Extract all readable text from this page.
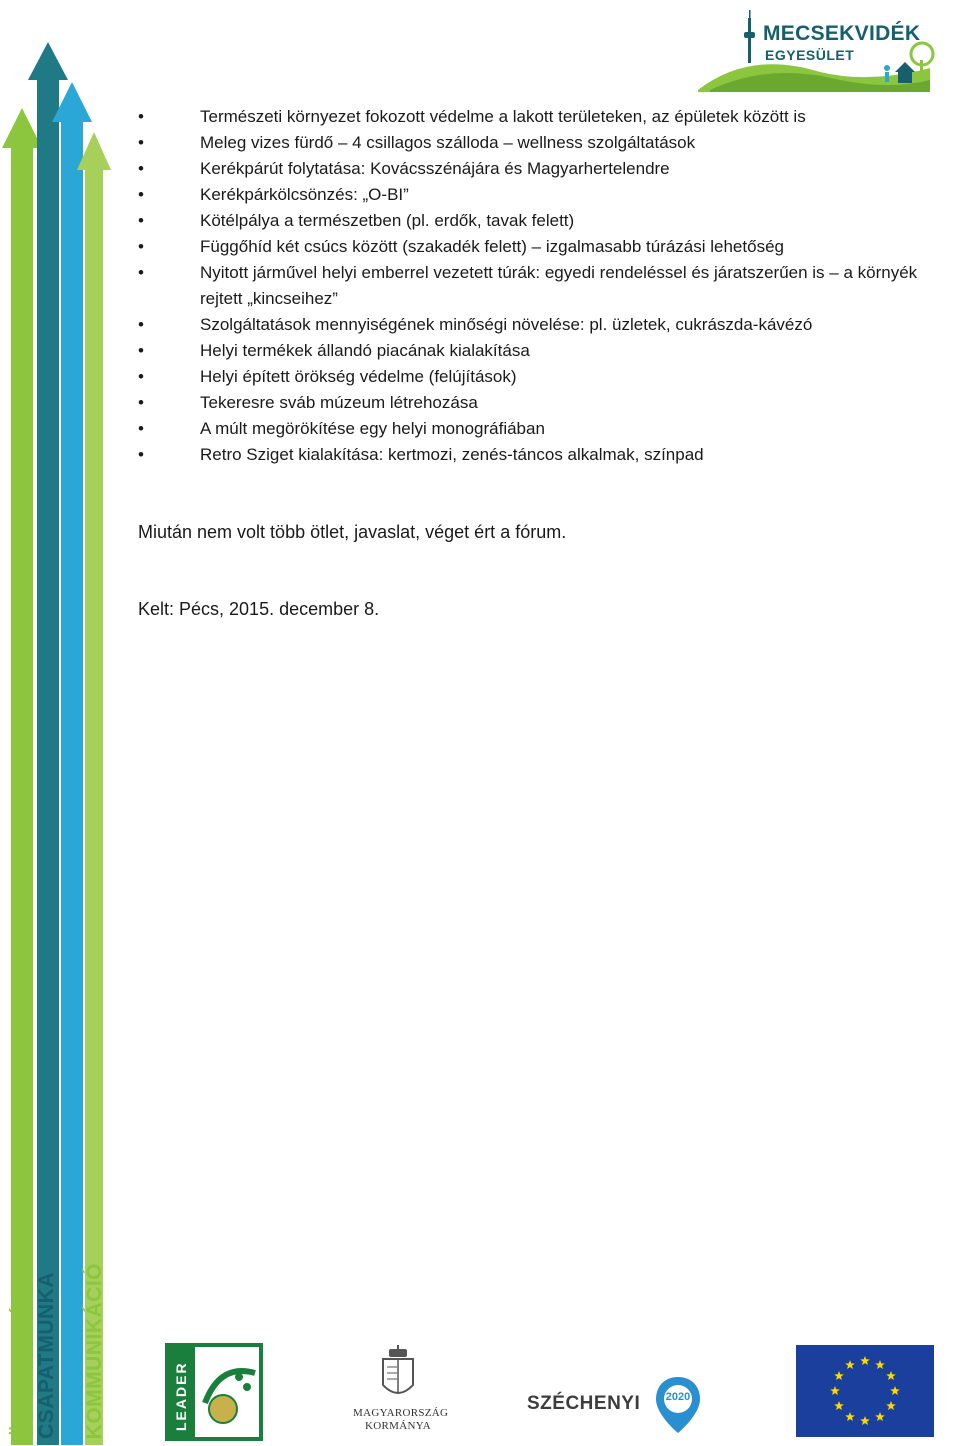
MECSEKVIDÉK
EGYESÜLET
ÖSSZEFOGÁS CSAPATMUNKA SIKER KOMMUNIKÁCIÓ
• Természeti környezet fokozott védelme a lakott területeken, az épületek között is
• Meleg vizes fürdő – 4 csillagos szálloda – wellness szolgáltatások
• Kerékpárút folytatása: Kovácsszénájára és Magyarhertelendre
• Kerékpárkölcsönzés: „O-BI”
• Kötélpálya a természetben (pl. erdők, tavak felett)
• Függőhíd két csúcs között (szakadék felett) – izgalmasabb túrázási lehetőség
• Nyitott járművel helyi emberrel vezetett túrák: egyedi rendeléssel és járatszerűen is – a környék rejtett „kincseihez”
• Szolgáltatások mennyiségének minőségi növelése: pl. üzletek, cukrászda-kávézó
• Helyi termékek állandó piacának kialakítása
• Helyi épített örökség védelme (felújítások)
• Tekeresre sváb múzeum létrehozása
• A múlt megörökítése egy helyi monográfiában
• Retro Sziget kialakítása: kertmozi, zenés-táncos alkalmak, színpad
Miután nem volt több ötlet, javaslat, véget ért a fórum.
Kelt: Pécs, 2015. december 8.
LEADER	MAGYARORSZÁG
KORMÁNYA
SZÉCHENYI	2020
